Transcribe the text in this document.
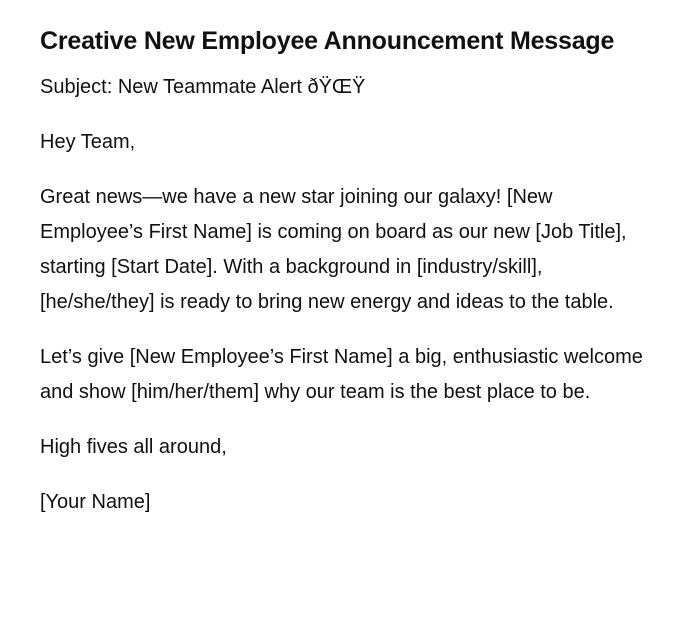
Creative New Employee Announcement Message

Subject: New Teammate Alert ðŸŒŸ

Hey Team,

Great news—we have a new star joining our galaxy! [New Employee’s First Name] is coming on board as our new [Job Title], starting [Start Date]. With a background in [industry/skill], [he/she/they] is ready to bring new energy and ideas to the table.

Let’s give [New Employee’s First Name] a big, enthusiastic welcome and show [him/her/them] why our team is the best place to be.

High fives all around,

[Your Name]
